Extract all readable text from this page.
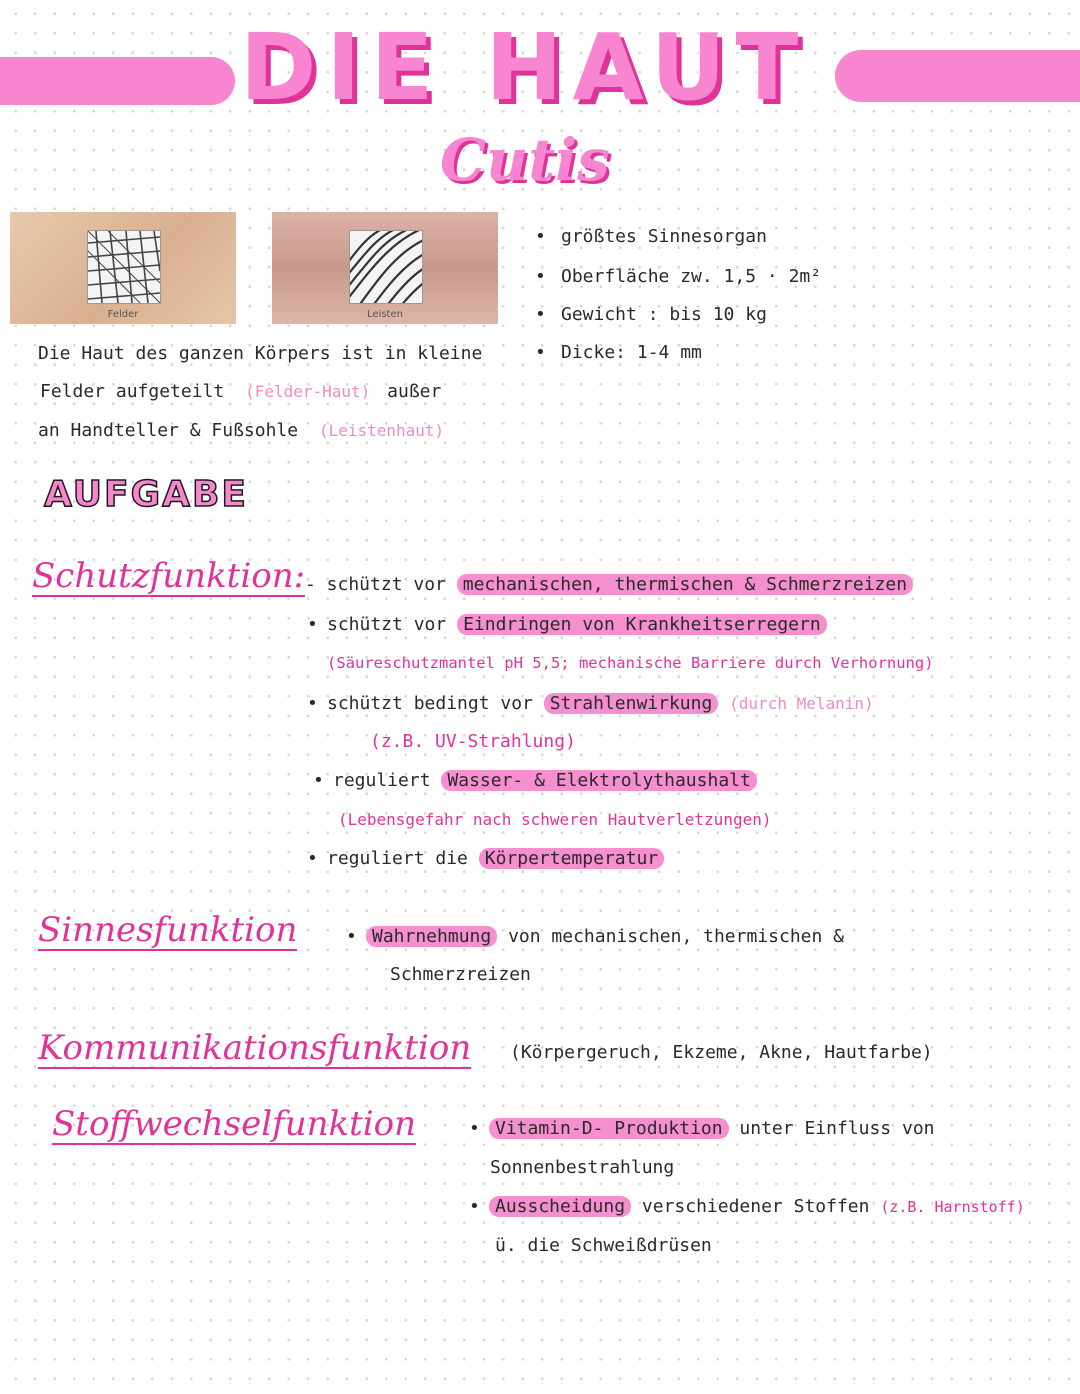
DIE HAUT
Cutis
Felder	Leisten
• größtes Sinnesorgan
• Oberfläche zw. 1,5 · 2m²
• Gewicht : bis 10 kg
• Dicke: 1-4 mm
Die Haut des ganzen Körpers ist in kleine
Felder aufgeteilt (Felder-Haut) außer
an Handteller & Fußsohle (Leistenhaut)
AUFGABE
Schutzfunktion: - schützt vor mechanischen, thermischen & Schmerzreizen
• schützt vor Eindringen von Krankheitserregern
(Säureschutzmantel pH 5,5; mechanische Barriere durch Verhornung)
• schützt bedingt vor Strahlenwirkung (durch Melanin)
(z.B. UV-Strahlung)
• reguliert Wasser- & Elektrolythaushalt
(Lebensgefahr nach schweren Hautverletzungen)
• reguliert die Körpertemperatur
Sinnesfunktion	• Wahrnehmung von mechanischen, thermischen &
Schmerzreizen
Kommunikationsfunktion (Körpergeruch, Ekzeme, Akne, Hautfarbe)
Stoffwechselfunktion	• Vitamin-D- Produktion unter Einfluss von
Sonnenbestrahlung
• Ausscheidung verschiedener Stoffen (z.B. Harnstoff)
ü. die Schweißdrüsen
